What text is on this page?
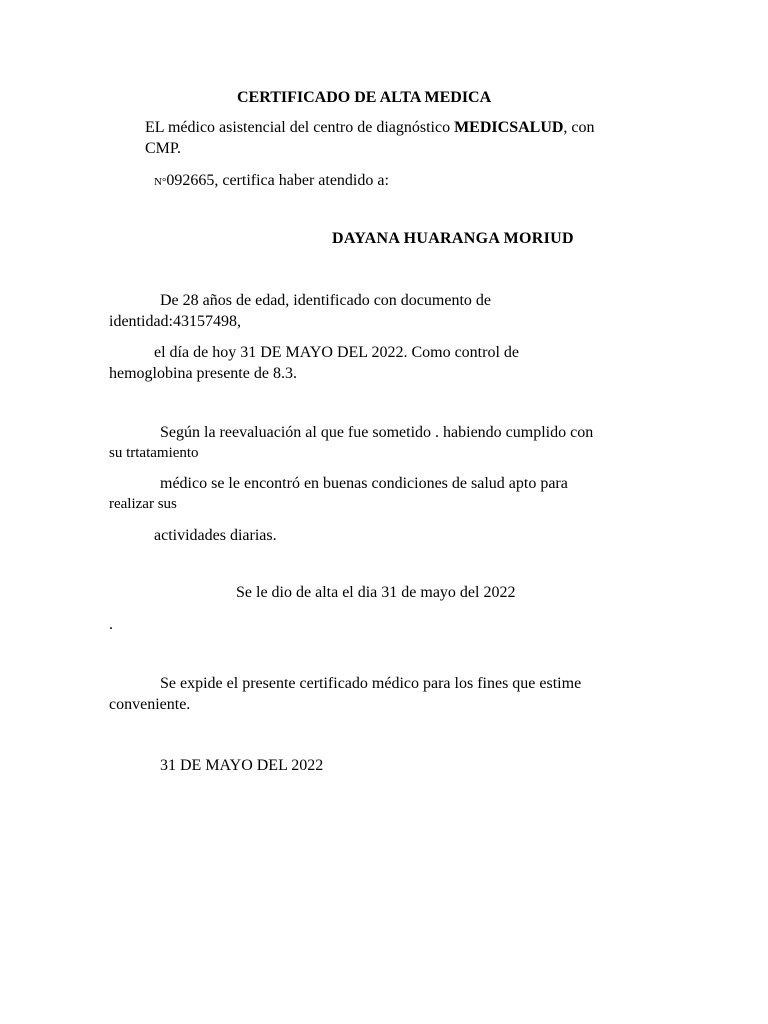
CERTIFICADO DE ALTA MEDICA
EL médico asistencial del centro de diagnóstico MEDICSALUD, con
CMP.
N°092665, certifica haber atendido a:
DAYANA HUARANGA MORIUD
De 28 años de edad, identificado con documento de
identidad:43157498,
el día de hoy 31 DE MAYO DEL 2022. Como control de
hemoglobina presente de 8.3.
Según la reevaluación al que fue sometido . habiendo cumplido con
su trtatamiento
médico se le encontró en buenas condiciones de salud apto para
realizar sus
actividades diarias.
Se le dio de alta el dia 31 de mayo del 2022
.
Se expide el presente certificado médico para los fines que estime
conveniente.
31 DE MAYO DEL 2022
